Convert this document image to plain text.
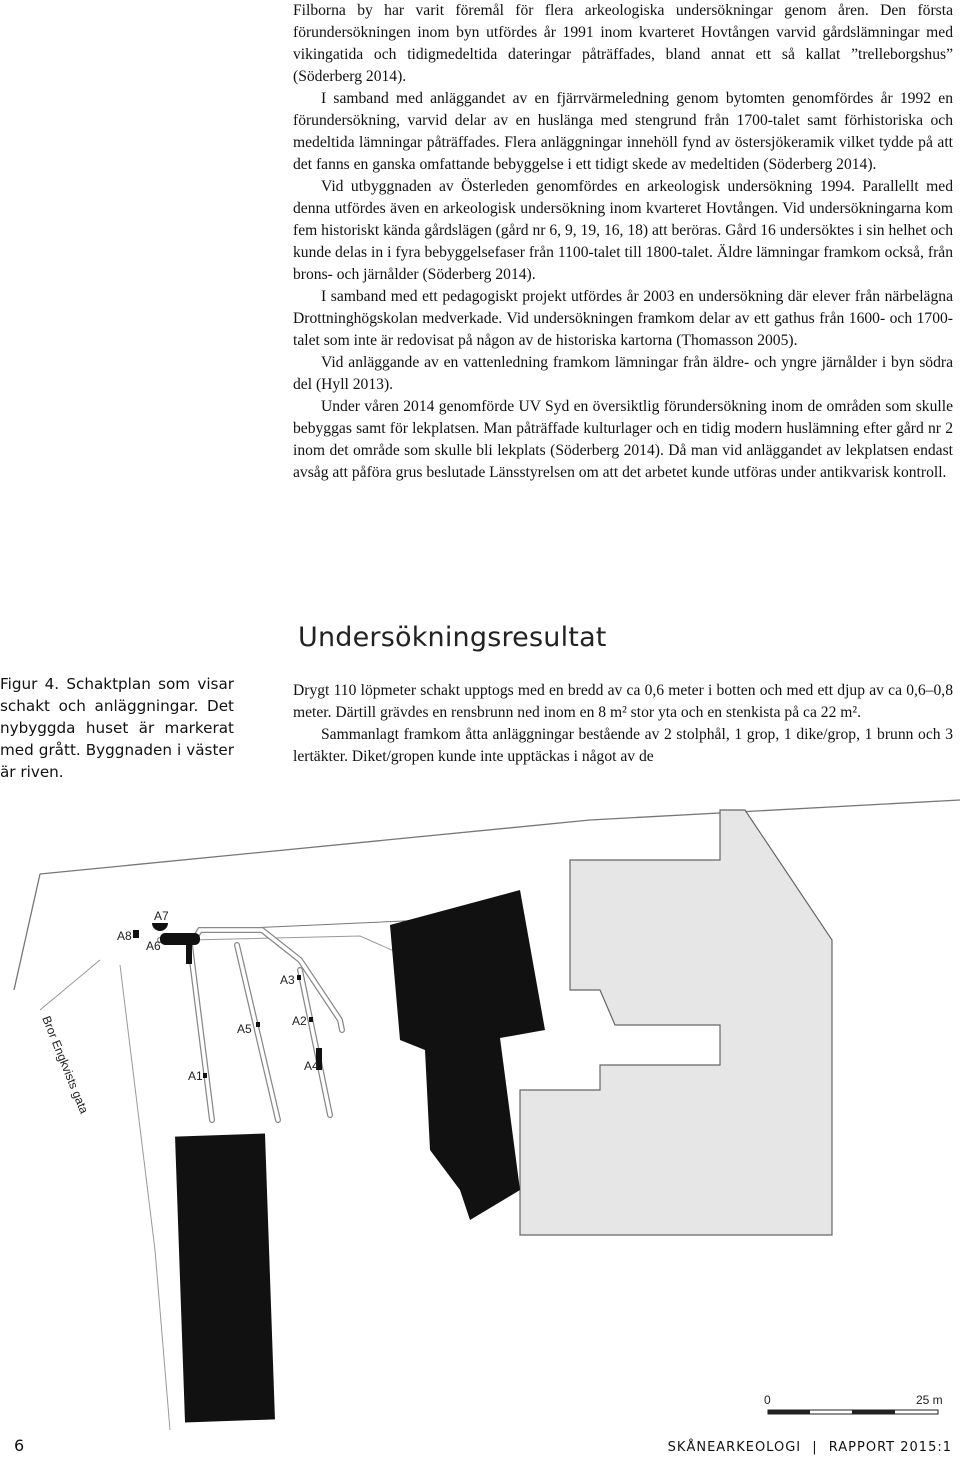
Filborna by har varit föremål för flera arkeologiska undersökningar genom åren. Den första förundersökningen inom byn utfördes år 1991 inom kvarteret Hovtången varvid gårdslämningar med vikingatida och tidigmedeltida dateringar påträffades, bland annat ett så kallat ”trelleborgshus” (Söderberg 2014).

I samband med anläggandet av en fjärrvärmeledning genom bytomten genomfördes år 1992 en förundersökning, varvid delar av en huslänga med stengrund från 1700-talet samt förhistoriska och medeltida lämningar påträffades. Flera anläggningar innehöll fynd av östersjökeramik vilket tydde på att det fanns en ganska omfattande bebyggelse i ett tidigt skede av medeltiden (Söderberg 2014).

Vid utbyggnaden av Österleden genomfördes en arkeologisk undersökning 1994. Parallellt med denna utfördes även en arkeologisk undersökning inom kvarteret Hovtången. Vid undersökningarna kom fem historiskt kända gårdslägen (gård nr 6, 9, 19, 16, 18) att beröras. Gård 16 undersöktes i sin helhet och kunde delas in i fyra bebyggelsefaser från 1100-talet till 1800-talet. Äldre lämningar framkom också, från brons- och järnålder (Söderberg 2014).

I samband med ett pedagogiskt projekt utfördes år 2003 en undersökning där elever från närbelägna Drottninghögskolan medverkade. Vid undersökningen framkom delar av ett gathus från 1600- och 1700-talet som inte är redovisat på någon av de historiska kartorna (Thomasson 2005).

Vid anläggande av en vattenledning framkom lämningar från äldre- och yngre järnålder i byn södra del (Hyll 2013).

Under våren 2014 genomförde UV Syd en översiktlig förundersökning inom de områden som skulle bebyggas samt för lekplatsen. Man påträffade kulturlager och en tidig modern huslämning efter gård nr 2 inom det område som skulle bli lekplats (Söderberg 2014). Då man vid anläggandet av lekplatsen endast avsåg att påföra grus beslutade Länsstyrelsen om att det arbetet kunde utföras under antikvarisk kontroll.

Undersökningsresultat

Drygt 110 löpmeter schakt upptogs med en bredd av ca 0,6 meter i botten och med ett djup av ca 0,6–0,8 meter. Därtill grävdes en rensbrunn ned inom en 8 m² stor yta och en stenkista på ca 22 m².

Sammanlagt framkom åtta anläggningar bestående av 2 stolphål, 1 grop, 1 dike/grop, 1 brunn och 3 lertäkter. Diket/gropen kunde inte upptäckas i något av de

Figur 4. Schaktplan som visar schakt och anläggningar. Det nybyggda huset är markerat med grått. Byggnaden i väster är riven.
A7
A8
A6
A3
A2
A5
A4
A1
Bror Engkvists gata
0	25 m
6	SKÅNEARKEOLOGI | RAPPORT 2015:1
